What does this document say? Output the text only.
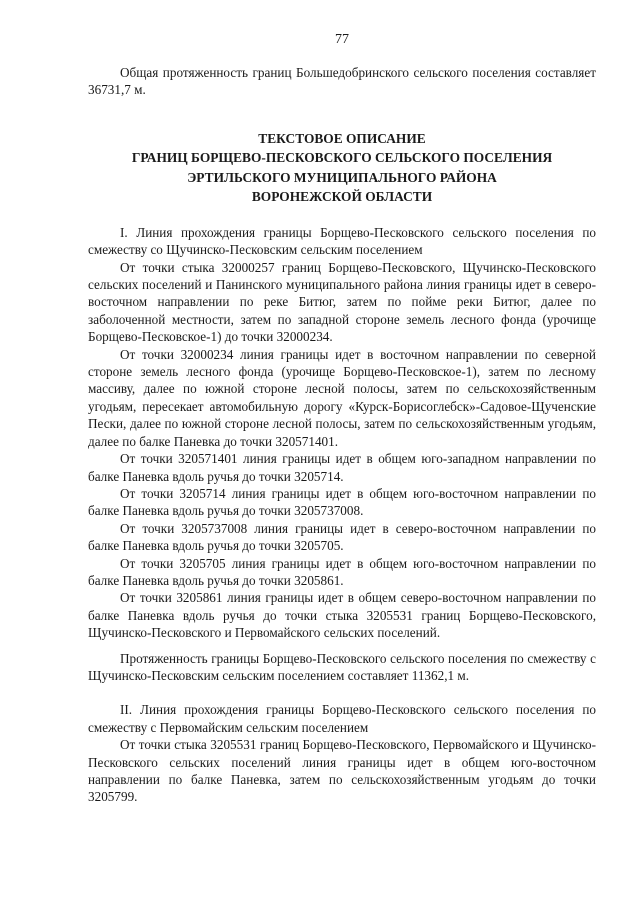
77

Общая протяженность границ Большедобринского сельского поселения составляет 36731,7 м.

ТЕКСТОВОЕ ОПИСАНИЕ
ГРАНИЦ БОРЩЕВО-ПЕСКОВСКОГО СЕЛЬСКОГО ПОСЕЛЕНИЯ
ЭРТИЛЬСКОГО МУНИЦИПАЛЬНОГО РАЙОНА
ВОРОНЕЖСКОЙ ОБЛАСТИ

I. Линия прохождения границы Борщево-Песковского сельского поселения по смежеству со Щучинско-Песковским сельским поселением

От точки стыка 32000257 границ Борщево-Песковского, Щучинско-Песковского сельских поселений и Панинского муниципального района линия границы идет в северо-восточном направлении по реке Битюг, затем по пойме реки Битюг, далее по заболоченной местности, затем по западной стороне земель лесного фонда (урочище Борщево-Песковское-1) до точки 32000234.

От точки 32000234 линия границы идет в восточном направлении по северной стороне земель лесного фонда (урочище Борщево-Песковское-1), затем по лесному массиву, далее по южной стороне лесной полосы, затем по сельскохозяйственным угодьям, пересекает автомобильную дорогу «Курск-Борисоглебск»-Садовое-Щученские Пески, далее по южной стороне лесной полосы, затем по сельскохозяйственным угодьям, далее по балке Паневка до точки 320571401.

От точки 320571401 линия границы идет в общем юго-западном направлении по балке Паневка вдоль ручья до точки 3205714.

От точки 3205714 линия границы идет в общем юго-восточном направлении по балке Паневка вдоль ручья до точки 3205737008.

От точки 3205737008 линия границы идет в северо-восточном направлении по балке Паневка вдоль ручья до точки 3205705.

От точки 3205705 линия границы идет в общем юго-восточном направлении по балке Паневка вдоль ручья до точки 3205861.

От точки 3205861 линия границы идет в общем северо-восточном направлении по балке Паневка вдоль ручья до точки стыка 3205531 границ Борщево-Песковского, Щучинско-Песковского и Первомайского сельских поселений.

Протяженность границы Борщево-Песковского сельского поселения по смежеству с Щучинско-Песковским сельским поселением составляет 11362,1 м.

II. Линия прохождения границы Борщево-Песковского сельского поселения по смежеству с Первомайским сельским поселением

От точки стыка 3205531 границ Борщево-Песковского, Первомайского и Щучинско-Песковского сельских поселений линия границы идет в общем юго-восточном направлении по балке Паневка, затем по сельскохозяйственным угодьям до точки 3205799.
